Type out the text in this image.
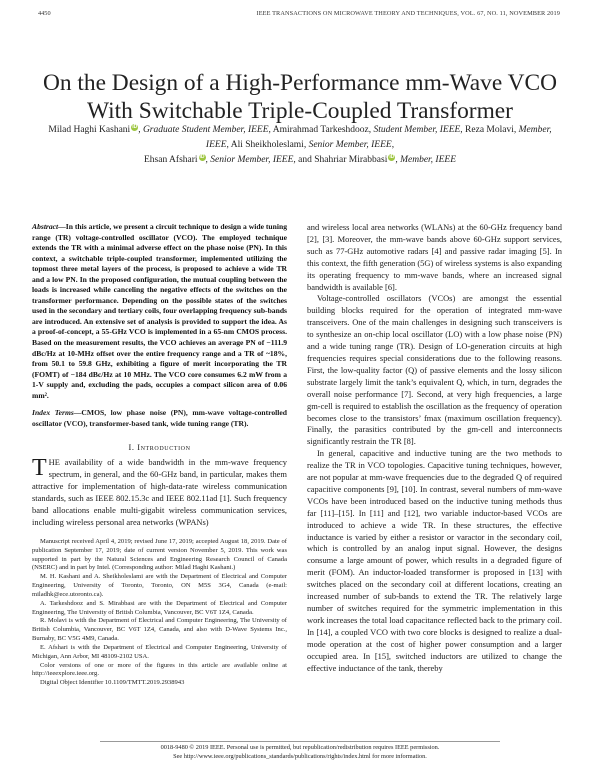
4450	IEEE TRANSACTIONS ON MICROWAVE THEORY AND TECHNIQUES, VOL. 67, NO. 11, NOVEMBER 2019
On the Design of a High-Performance mm-Wave VCO With Switchable Triple-Coupled Transformer
Milad Haghi Kashani iD, Graduate Student Member, IEEE, Amirahmad Tarkeshdooz, Student Member, IEEE, Reza Molavi, Member, IEEE, Ali Sheikholeslami, Senior Member, IEEE,
Ehsan Afshari iD, Senior Member, IEEE, and Shahriar Mirabbasi iD, Member, IEEE
Abstract—In this article, we present a circuit technique to design a wide tuning range (TR) voltage-controlled oscillator (VCO). The employed technique extends the TR with a minimal adverse effect on the phase noise (PN). In this context, a switchable triple-coupled transformer, implemented utilizing the topmost three metal layers of the process, is proposed to achieve a wide TR and a low PN. In the proposed configuration, the mutual coupling between the loads is increased while canceling the negative effects of the switches on the transformer performance. Depending on the possible states of the switches used in the secondary and tertiary coils, four overlapping frequency sub-bands are introduced. An extensive set of analysis is provided to support the idea. As a proof-of-concept, a 55-GHz VCO is implemented in a 65-nm CMOS process. Based on the measurement results, the VCO achieves an average PN of −111.9 dBc/Hz at 10-MHz offset over the entire frequency range and a TR of ~18%, from 50.1 to 59.8 GHz, exhibiting a figure of merit incorporating the TR (FOMT) of −184 dBc/Hz at 10 MHz. The VCO core consumes 6.2 mW from a 1-V supply and, excluding the pads, occupies a compact silicon area of 0.06 mm².
Index Terms—CMOS, low phase noise (PN), mm-wave voltage-controlled oscillator (VCO), transformer-based tank, wide tuning range (TR).
I. Introduction
THE availability of a wide bandwidth in the mm-wave frequency spectrum, in general, and the 60-GHz band, in particular, makes them attractive for implementation of high-data-rate wireless communication standards, such as IEEE 802.15.3c and IEEE 802.11ad [1]. Such frequency band allocations enable multi-gigabit wireless communication services, including wireless personal area networks (WPANs)

Manuscript received April 4, 2019; revised June 17, 2019; accepted August 18, 2019. Date of publication September 17, 2019; date of current version November 5, 2019. This work was supported in part by the Natural Sciences and Engineering Research Council of Canada (NSERC) and in part by Intel. (Corresponding author: Milad Haghi Kashani.)

M. H. Kashani and A. Sheikholeslami are with the Department of Electrical and Computer Engineering, University of Toronto, Toronto, ON M5S 3G4, Canada (e-mail: miladhk@ece.utoronto.ca).

A. Tarkeshdooz and S. Mirabbasi are with the Department of Electrical and Computer Engineering, The University of British Columbia, Vancouver, BC V6T 1Z4, Canada.

R. Molavi is with the Department of Electrical and Computer Engineering, The University of British Columbia, Vancouver, BC V6T 1Z4, Canada, and also with D-Wave Systems Inc., Burnaby, BC V5G 4M9, Canada.

E. Afshari is with the Department of Electrical and Computer Engineering, University of Michigan, Ann Arbor, MI 48109-2102 USA.

Color versions of one or more of the figures in this article are available online at http://ieeexplore.ieee.org.

Digital Object Identifier 10.1109/TMTT.2019.2938943

and wireless local area networks (WLANs) at the 60-GHz frequency band [2], [3]. Moreover, the mm-wave bands above 60-GHz support services, such as 77-GHz automotive radars [4] and passive radar imaging [5]. In this context, the fifth generation (5G) of wireless systems is also expanding its operating frequency to mm-wave bands, where an increased signal bandwidth is available [6].

Voltage-controlled oscillators (VCOs) are amongst the essential building blocks required for the operation of integrated mm-wave transceivers. One of the main challenges in designing such transceivers is to synthesize an on-chip local oscillator (LO) with a low phase noise (PN) and a wide tuning range (TR). Design of LO-generation circuits at high frequencies requires special considerations due to the following reasons. First, the low-quality factor (Q) of passive elements and the lossy silicon substrate largely limit the tank’s equivalent Q, which, in turn, degrades the overall noise performance [7]. Second, at very high frequencies, a large gm-cell is required to establish the oscillation as the frequency of operation becomes close to the transistors’ fmax (maximum oscillation frequency). Finally, the parasitics contributed by the gm-cell and interconnects significantly restrain the TR [8].

In general, capacitive and inductive tuning are the two methods to realize the TR in VCO topologies. Capacitive tuning techniques, however, are not popular at mm-wave frequencies due to the degraded Q of required capacitive components [9], [10]. In contrast, several numbers of mm-wave VCOs have been introduced based on the inductive tuning methods thus far [11]–[15]. In [11] and [12], two variable inductor-based VCOs are introduced to achieve a wide TR. In these structures, the effective inductance is varied by either a resistor or varactor in the secondary coil, which is controlled by an analog input signal. However, the designs consume a large amount of power, which results in a degraded figure of merit (FOM). An inductor-loaded transformer is proposed in [13] with switches placed on the secondary coil at different locations, creating an increased number of sub-bands to extend the TR. The relatively large number of switches required for the symmetric implementation in this work increases the total load capacitance reflected back to the primary coil. In [14], a coupled VCO with two core blocks is designed to realize a dual-mode operation at the cost of higher power consumption and a larger occupied area. In [15], switched inductors are utilized to change the effective inductance of the tank, thereby

0018-9480 © 2019 IEEE. Personal use is permitted, but republication/redistribution requires IEEE permission.
See http://www.ieee.org/publications_standards/publications/rights/index.html for more information.
